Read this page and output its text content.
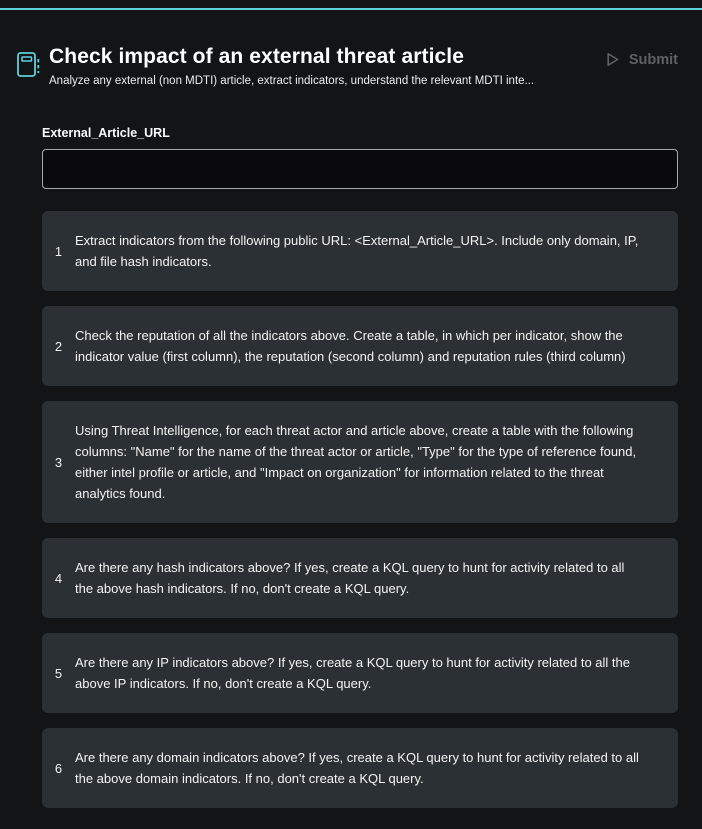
Check impact of an external threat article
Analyze any external (non MDTI) article, extract indicators, understand the relevant MDTI inte...
Submit
External_Article_URL
1
Extract indicators from the following public URL: <External_Article_URL>. Include only domain, IP, and file hash indicators.
2
Check the reputation of all the indicators above. Create a table, in which per indicator, show the indicator value (first column), the reputation (second column) and reputation rules (third column)
3
Using Threat Intelligence, for each threat actor and article above, create a table with the following columns: "Name" for the name of the threat actor or article, "Type" for the type of reference found, either intel profile or article, and "Impact on organization" for information related to the threat analytics found.
4
Are there any hash indicators above? If yes, create a KQL query to hunt for activity related to all the above hash indicators. If no, don't create a KQL query.
5
Are there any IP indicators above? If yes, create a KQL query to hunt for activity related to all the above IP indicators. If no, don't create a KQL query.
6
Are there any domain indicators above? If yes, create a KQL query to hunt for activity related to all the above domain indicators. If no, don't create a KQL query.
